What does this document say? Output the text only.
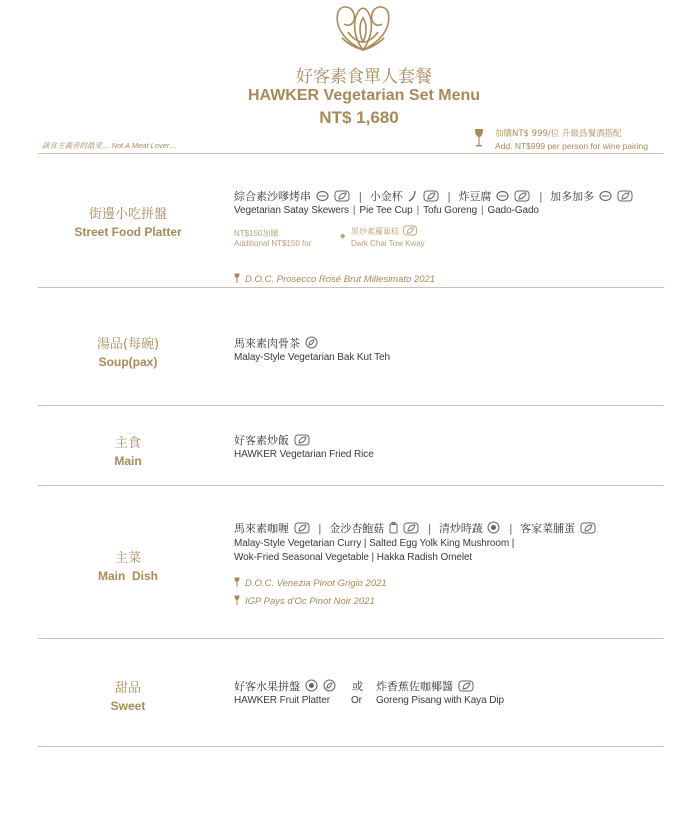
好客素食單人套餐
HAWKER Vegetarian Set Menu
NT$ 1,680
蔬食主義者的最愛… Not A Meat Lover…
加購NT$ 999/位 升級爲餐酒搭配
Add. NT$999 per person for wine pairing
街邊小吃拼盤
Street Food Platter
綜合素沙嗲烤串	| 小金杯	| 炸豆腐	| 加多加多
Vegetarian Satay Skewers | Pie Tee Cup | Tofu Goreng | Gado-Gado
NT$150加購
Additional NT$150 for
◆
黑炒素蘿蔔糕
Dark Chai Tow Kway
D.O.C. Prosecco Rosé Brut Millesimato 2021
湯品(每碗)
Soup(pax)
馬來素肉骨茶
Malay-Style Vegetarian Bak Kut Teh
主食
Main
好客素炒飯
HAWKER Vegetarian Fried Rice
主菜
Main  Dish
馬來素咖喱	| 金沙杏鮑菇	| 清炒時蔬 | 客家菜脯蛋
Malay-Style Vegetarian Curry | Salted Egg Yolk King Mushroom |
Wok-Fried Seasonal Vegetable | Hakka Radish Omelet
D.O.C. Venezia Pinot Grigio 2021
IGP Pays d'Oc Pinot Noir 2021
甜品
Sweet
好客水果拼盤
HAWKER Fruit Platter
或
Or
炸香蕉佐咖椰醬
Goreng Pisang with Kaya Dip
